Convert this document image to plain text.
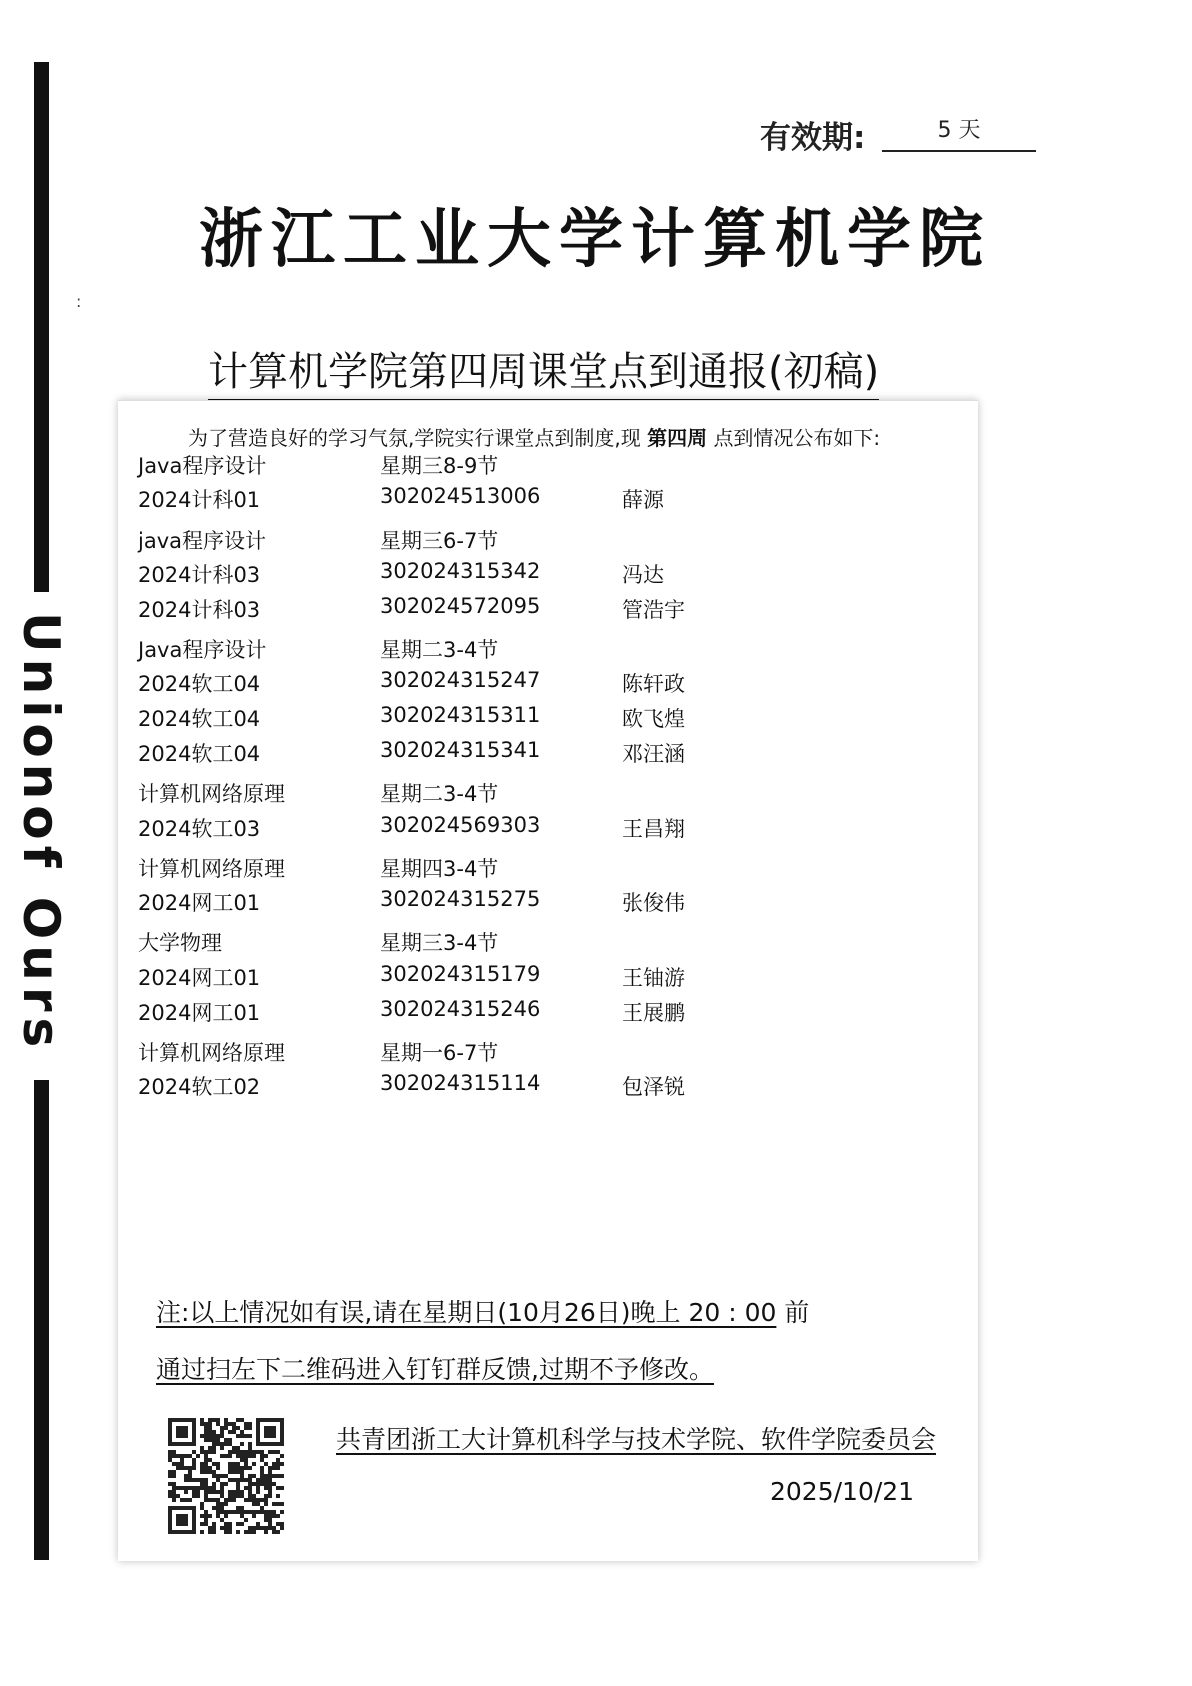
Unionof Ours
:
有效期:	5 天
浙江工业大学计算机学院
计算机学院第四周课堂点到通报(初稿)
为了营造良好的学习气氛,学院实行课堂点到制度,现 第四周 点到情况公布如下:
Java程序设计	星期三8-9节
2024计科01	302024513006	薛源
java程序设计	星期三6-7节
2024计科03	302024315342	冯达
2024计科03	302024572095	管浩宇
Java程序设计	星期二3-4节
2024软工04	302024315247	陈轩政
2024软工04	302024315311	欧飞煌
2024软工04	302024315341	邓汪涵
计算机网络原理	星期二3-4节
2024软工03	302024569303	王昌翔
计算机网络原理	星期四3-4节
2024网工01	302024315275	张俊伟
大学物理	星期三3-4节
2024网工01	302024315179	王铀游
2024网工01	302024315246	王展鹏
计算机网络原理	星期一6-7节
2024软工02	302024315114	包泽锐
注:以上情况如有误,请在星期日(10月26日)晚上 20 : 00 前
通过扫左下二维码进入钉钉群反馈,过期不予修改。
共青团浙工大计算机科学与技术学院、软件学院委员会
2025/10/21
